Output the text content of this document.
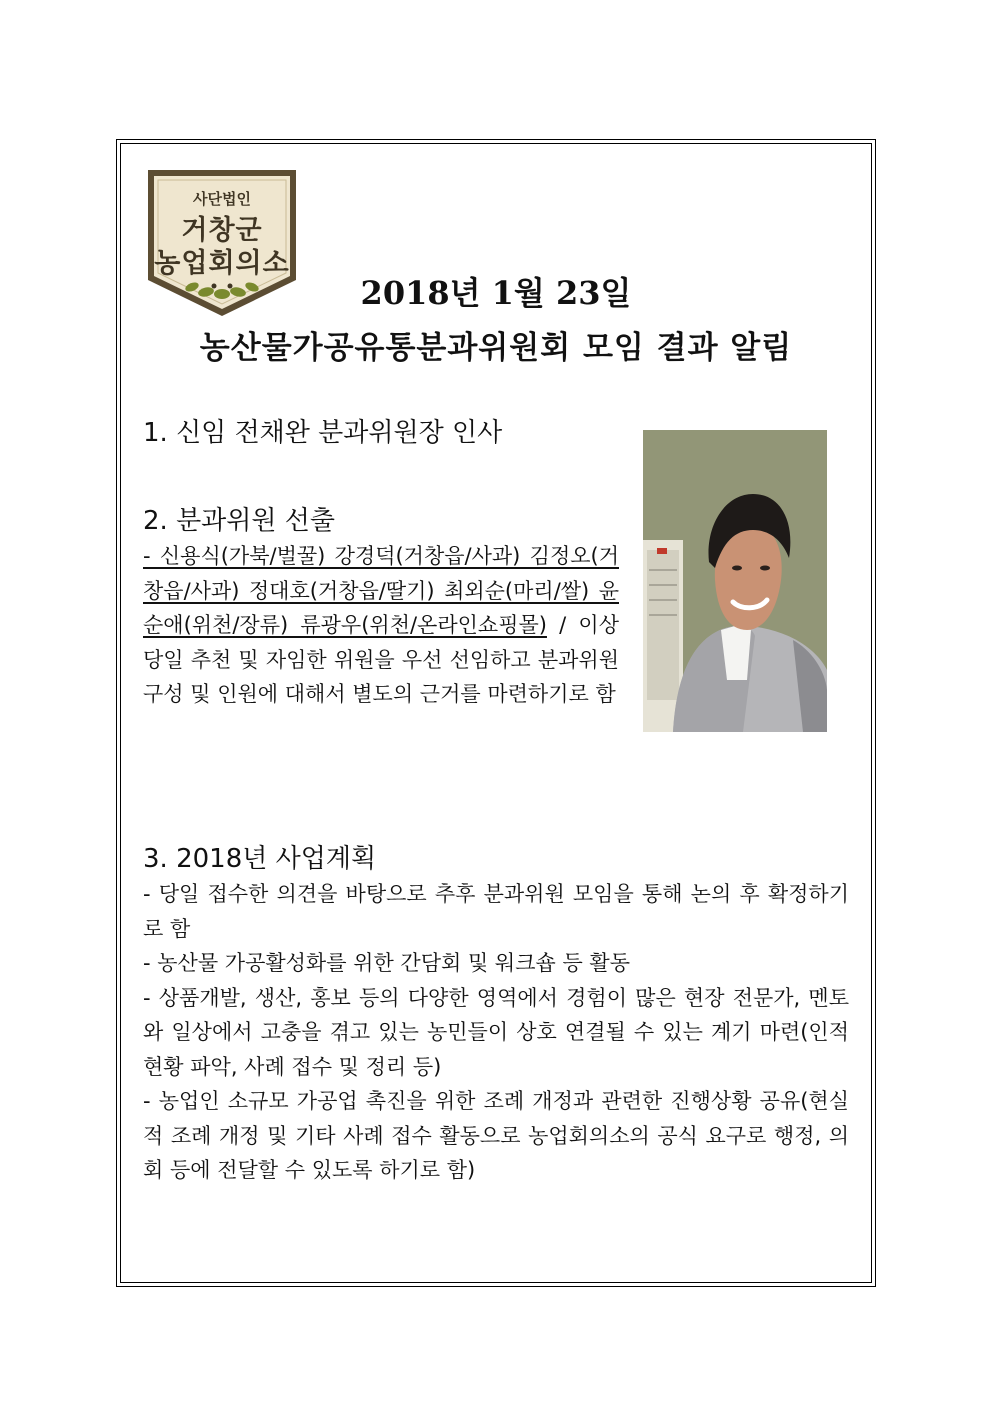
사단법인
거창군
농업회의소
2018년 1월 23일
농산물가공유통분과위원회 모임 결과 알림
1. 신임 전채완 분과위원장 인사
2. 분과위원 선출
- 신용식(가북/벌꿀) 강경덕(거창읍/사과) 김정오(거창읍/사과) 정대호(거창읍/딸기) 최외순(마리/쌀) 윤순애(위천/장류) 류광우(위천/온라인쇼핑몰) / 이상 당일 추천 및 자임한 위원을 우선 선임하고 분과위원 구성 및 인원에 대해서 별도의 근거를 마련하기로 함
3. 2018년 사업계획

- 당일 접수한 의견을 바탕으로 추후 분과위원 모임을 통해 논의 후 확정하기로 함

- 농산물 가공활성화를 위한 간담회 및 워크숍 등 활동

- 상품개발, 생산, 홍보 등의 다양한 영역에서 경험이 많은 현장 전문가, 멘토와 일상에서 고충을 겪고 있는 농민들이 상호 연결될 수 있는 계기 마련(인적 현황 파악, 사례 접수 및 정리 등)

- 농업인 소규모 가공업 촉진을 위한 조례 개정과 관련한 진행상황 공유(현실적 조례 개정 및 기타 사례 접수 활동으로 농업회의소의 공식 요구로 행정, 의회 등에 전달할 수 있도록 하기로 함)
